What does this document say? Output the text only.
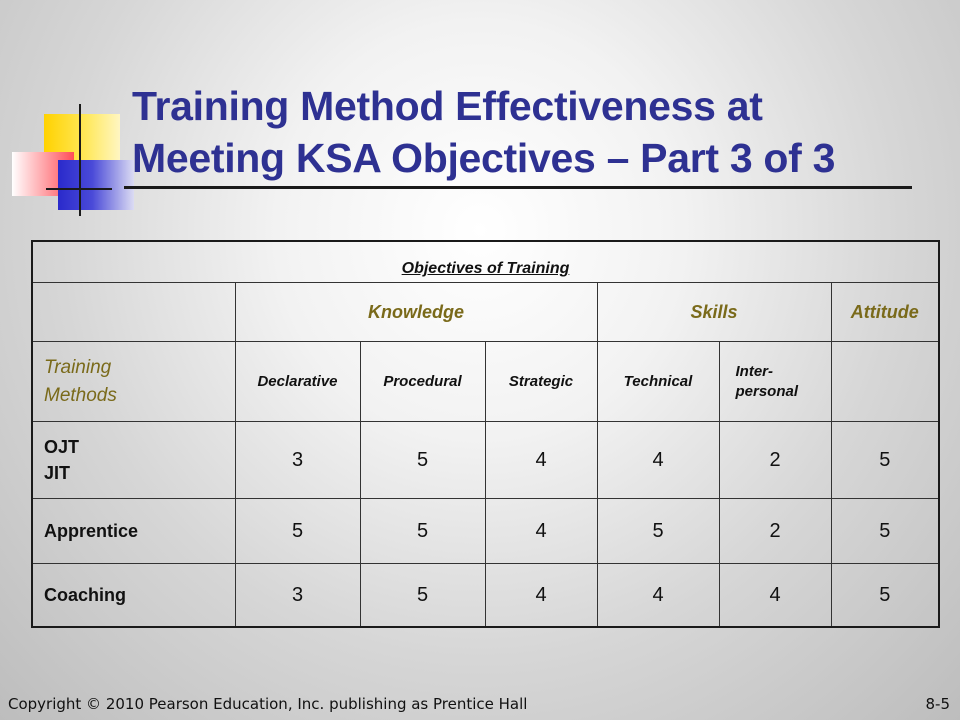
Training Method Effectiveness at
Meeting KSA Objectives – Part 3 of 3
Objectives of Training						
	Knowledge			Skills		Attitude
Training Methods	Declarative	Procedural	Strategic	Technical	Inter- personal	
OJT JIT	3	5	4	4	2	5
Apprentice	5	5	4	5	2	5
Coaching	3	5	4	4	4	5
Copyright © 2010 Pearson Education, Inc. publishing as Prentice Hall	8-5
